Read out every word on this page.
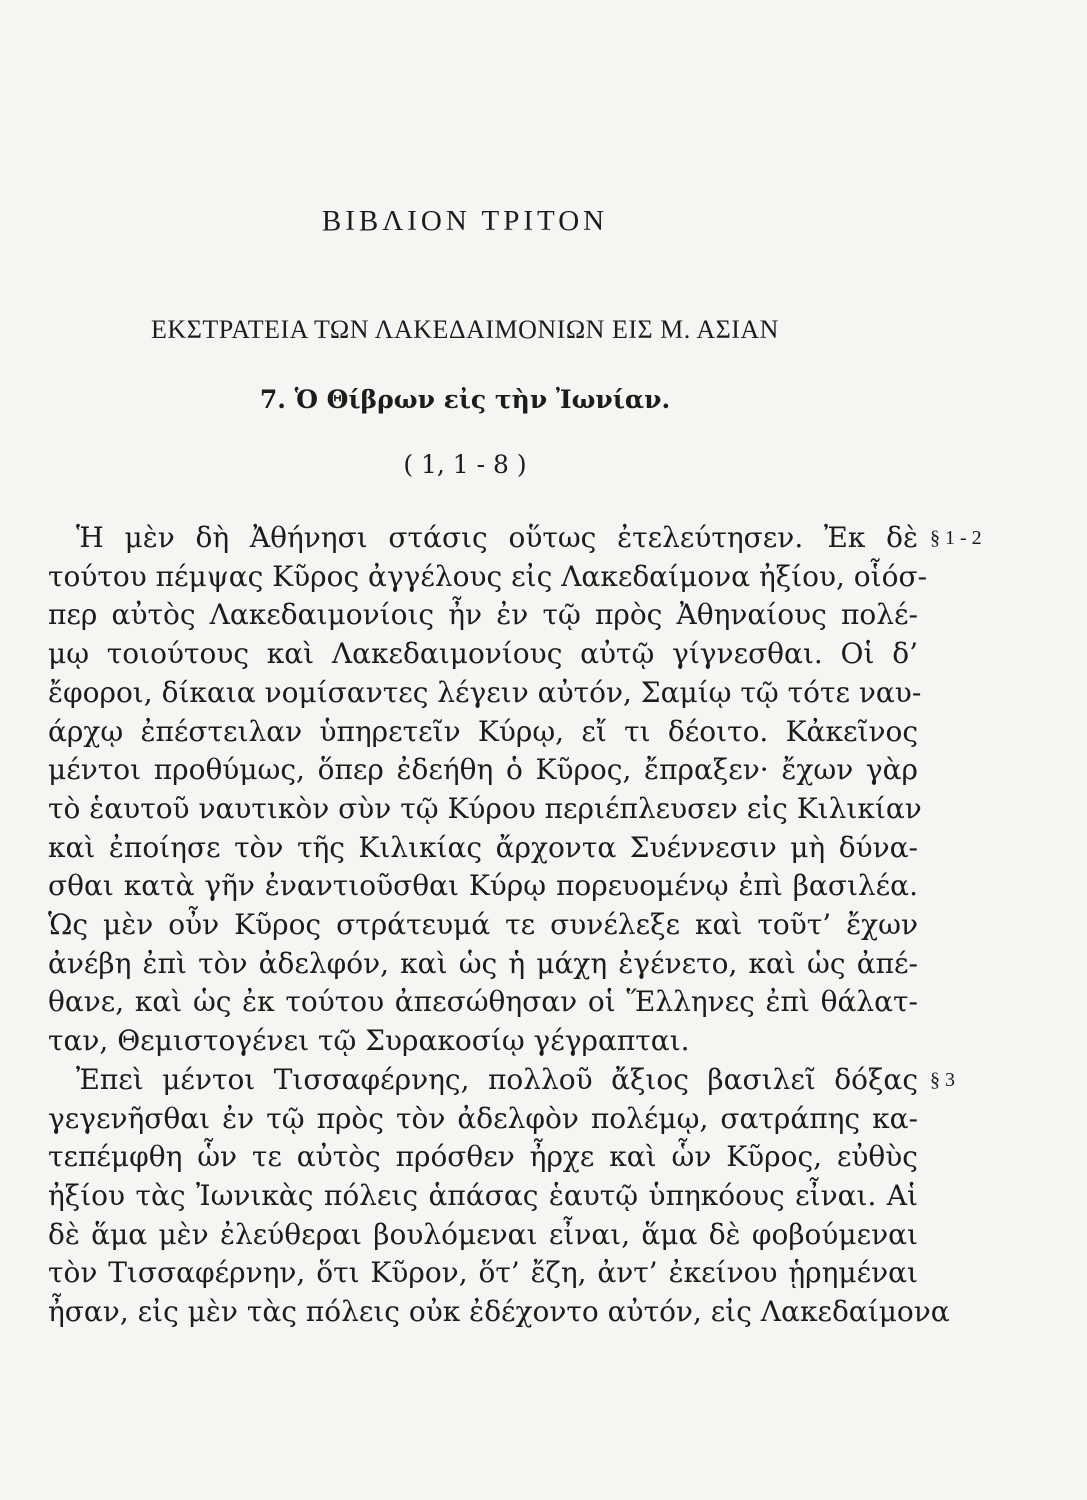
ΒΙΒΛΙΟΝ ΤΡΙΤΟΝ
ΕΚΣΤΡΑΤΕΙΑ ΤΩΝ ΛΑΚΕΔΑΙΜΟΝΙΩΝ ΕΙΣ Μ. ΑΣΙΑΝ
7. Ὁ Θίβρων εἰς τὴν Ἰωνίαν.
( 1, 1 - 8 )
Ἡ μὲν δὴ Ἀθήνησι στάσις οὕτως ἐτελεύτησεν. Ἐκ δὲ
τούτου πέμψας Κῦρος ἀγγέλους εἰς Λακεδαίμονα ἠξίου, οἷόσ-
περ αὐτὸς Λακεδαιμονίοις ἦν ἐν τῷ πρὸς Ἀθηναίους πολέ-
μῳ τοιούτους καὶ Λακεδαιμονίους αὐτῷ γίγνεσθαι. Οἱ δ’
ἔφοροι, δίκαια νομίσαντες λέγειν αὐτόν, Σαμίῳ τῷ τότε ναυ-
άρχῳ ἐπέστειλαν ὑπηρετεῖν Κύρῳ, εἴ τι δέοιτο. Κἀκεῖνος
μέντοι προθύμως, ὅπερ ἐδεήθη ὁ Κῦρος, ἔπραξεν· ἔχων γὰρ
τὸ ἑαυτοῦ ναυτικὸν σὺν τῷ Κύρου περιέπλευσεν εἰς Κιλικίαν
καὶ ἐποίησε τὸν τῆς Κιλικίας ἄρχοντα Συέννεσιν μὴ δύνα-
σθαι κατὰ γῆν ἐναντιοῦσθαι Κύρῳ πορευομένῳ ἐπὶ βασιλέα.
Ὡς μὲν οὖν Κῦρος στράτευμά τε συνέλεξε καὶ τοῦτ’ ἔχων
ἀνέβη ἐπὶ τὸν ἀδελφόν, καὶ ὡς ἡ μάχη ἐγένετο, καὶ ὡς ἀπέ-
θανε, καὶ ὡς ἐκ τούτου ἀπεσώθησαν οἱ Ἕλληνες ἐπὶ θάλατ-
ταν, Θεμιστογένει τῷ Συρακοσίῳ γέγραπται.
Ἐπεὶ μέντοι Τισσαφέρνης, πολλοῦ ἄξιος βασιλεῖ δόξας
γεγενῆσθαι ἐν τῷ πρὸς τὸν ἀδελφὸν πολέμῳ, σατράπης κα-
τεπέμφθη ὧν τε αὐτὸς πρόσθεν ἦρχε καὶ ὧν Κῦρος, εὐθὺς
ἠξίου τὰς Ἰωνικὰς πόλεις ἁπάσας ἑαυτῷ ὑπηκόους εἶναι. Αἱ
δὲ ἅμα μὲν ἐλεύθεραι βουλόμεναι εἶναι, ἅμα δὲ φοβούμεναι
τὸν Τισσαφέρνην, ὅτι Κῦρον, ὅτ’ ἔζη, ἀντ’ ἐκείνου ᾑρημέναι
ἦσαν, εἰς μὲν τὰς πόλεις οὐκ ἐδέχοντο αὐτόν, εἰς Λακεδαίμονα
§ 1 - 2
§ 3
